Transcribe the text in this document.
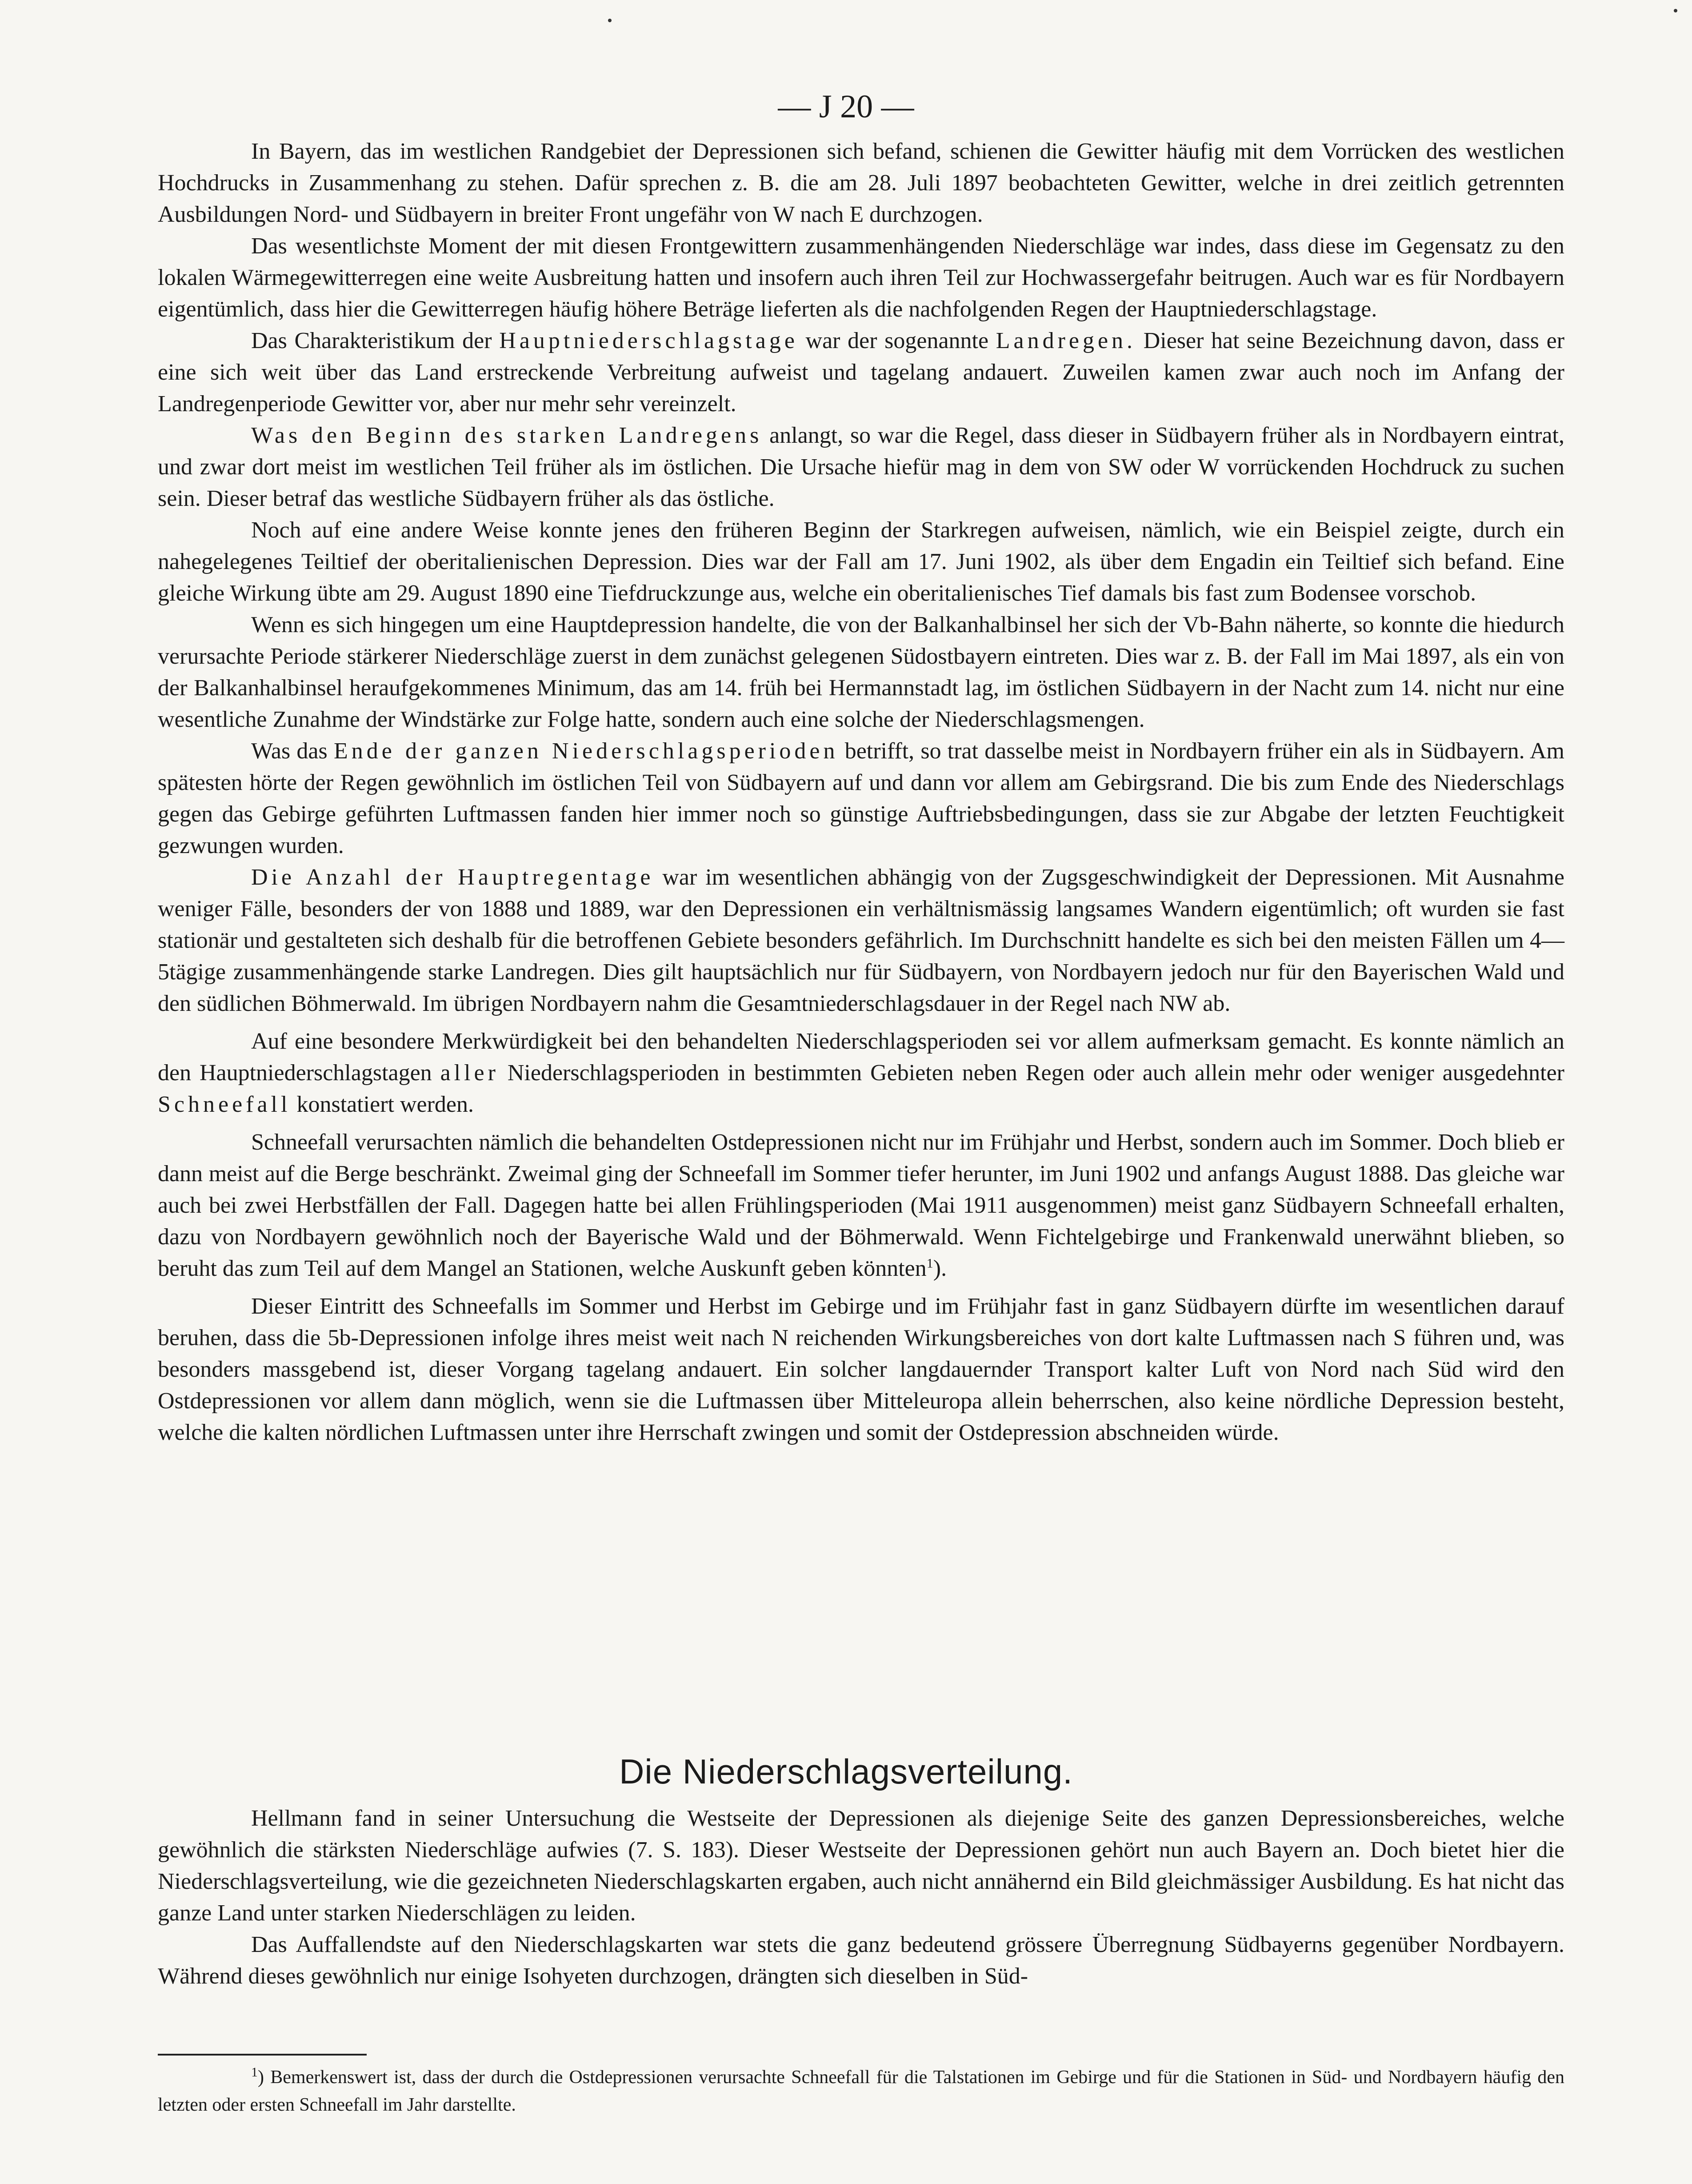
— J 20 —

In Bayern, das im westlichen Randgebiet der Depressionen sich befand, schienen die Gewitter häufig mit dem Vorrücken des westlichen Hochdrucks in Zusammenhang zu stehen. Dafür sprechen z. B. die am 28. Juli 1897 beobachteten Gewitter, welche in drei zeitlich getrennten Ausbildungen Nord- und Südbayern in breiter Front ungefähr von W nach E durchzogen.

Das wesentlichste Moment der mit diesen Frontgewittern zusammenhängenden Niederschläge war indes, dass diese im Gegensatz zu den lokalen Wärmegewitterregen eine weite Ausbreitung hatten und insofern auch ihren Teil zur Hochwassergefahr beitrugen. Auch war es für Nordbayern eigentümlich, dass hier die Gewitterregen häufig höhere Beträge lieferten als die nachfolgenden Regen der Hauptniederschlagstage.

Das Charakteristikum der Hauptniederschlagstage war der sogenannte Landregen. Dieser hat seine Bezeichnung davon, dass er eine sich weit über das Land erstreckende Verbreitung aufweist und tagelang andauert. Zuweilen kamen zwar auch noch im Anfang der Landregenperiode Gewitter vor, aber nur mehr sehr vereinzelt.

Was den Beginn des starken Landregens anlangt, so war die Regel, dass dieser in Südbayern früher als in Nordbayern eintrat, und zwar dort meist im westlichen Teil früher als im östlichen. Die Ursache hiefür mag in dem von SW oder W vorrückenden Hochdruck zu suchen sein. Dieser betraf das westliche Südbayern früher als das östliche.

Noch auf eine andere Weise konnte jenes den früheren Beginn der Starkregen aufweisen, nämlich, wie ein Beispiel zeigte, durch ein nahegelegenes Teiltief der oberitalienischen Depression. Dies war der Fall am 17. Juni 1902, als über dem Engadin ein Teiltief sich befand. Eine gleiche Wirkung übte am 29. August 1890 eine Tiefdruckzunge aus, welche ein oberitalienisches Tief damals bis fast zum Bodensee vorschob.

Wenn es sich hingegen um eine Hauptdepression handelte, die von der Balkanhalbinsel her sich der Vb-Bahn näherte, so konnte die hiedurch verursachte Periode stärkerer Niederschläge zuerst in dem zunächst gelegenen Südostbayern eintreten. Dies war z. B. der Fall im Mai 1897, als ein von der Balkanhalbinsel heraufgekommenes Minimum, das am 14. früh bei Hermannstadt lag, im östlichen Südbayern in der Nacht zum 14. nicht nur eine wesentliche Zunahme der Windstärke zur Folge hatte, sondern auch eine solche der Niederschlagsmengen.

Was das Ende der ganzen Niederschlagsperioden betrifft, so trat dasselbe meist in Nordbayern früher ein als in Südbayern. Am spätesten hörte der Regen gewöhnlich im östlichen Teil von Südbayern auf und dann vor allem am Gebirgsrand. Die bis zum Ende des Niederschlags gegen das Gebirge geführten Luftmassen fanden hier immer noch so günstige Auftriebsbedingungen, dass sie zur Abgabe der letzten Feuchtigkeit gezwungen wurden.

Die Anzahl der Hauptregentage war im wesentlichen abhängig von der Zugsgeschwindigkeit der Depressionen. Mit Ausnahme weniger Fälle, besonders der von 1888 und 1889, war den Depressionen ein verhältnismässig langsames Wandern eigentümlich; oft wurden sie fast stationär und gestalteten sich deshalb für die betroffenen Gebiete besonders gefährlich. Im Durchschnitt handelte es sich bei den meisten Fällen um 4—5tägige zusammenhängende starke Landregen. Dies gilt hauptsächlich nur für Südbayern, von Nordbayern jedoch nur für den Bayerischen Wald und den südlichen Böhmerwald. Im übrigen Nordbayern nahm die Gesamtniederschlagsdauer in der Regel nach NW ab.

Auf eine besondere Merkwürdigkeit bei den behandelten Niederschlagsperioden sei vor allem aufmerksam gemacht. Es konnte nämlich an den Hauptniederschlagstagen aller Niederschlagsperioden in bestimmten Gebieten neben Regen oder auch allein mehr oder weniger ausgedehnter Schneefall konstatiert werden.

Schneefall verursachten nämlich die behandelten Ostdepressionen nicht nur im Frühjahr und Herbst, sondern auch im Sommer. Doch blieb er dann meist auf die Berge beschränkt. Zweimal ging der Schneefall im Sommer tiefer herunter, im Juni 1902 und anfangs August 1888. Das gleiche war auch bei zwei Herbstfällen der Fall. Dagegen hatte bei allen Frühlingsperioden (Mai 1911 ausgenommen) meist ganz Südbayern Schneefall erhalten, dazu von Nordbayern gewöhnlich noch der Bayerische Wald und der Böhmerwald. Wenn Fichtelgebirge und Frankenwald unerwähnt blieben, so beruht das zum Teil auf dem Mangel an Stationen, welche Auskunft geben könnten$^1$).

Dieser Eintritt des Schneefalls im Sommer und Herbst im Gebirge und im Frühjahr fast in ganz Südbayern dürfte im wesentlichen darauf beruhen, dass die 5b-Depressionen infolge ihres meist weit nach N reichenden Wirkungsbereiches von dort kalte Luftmassen nach S führen und, was besonders massgebend ist, dieser Vorgang tagelang andauert. Ein solcher langdauernder Transport kalter Luft von Nord nach Süd wird den Ostdepressionen vor allem dann möglich, wenn sie die Luftmassen über Mitteleuropa allein beherrschen, also keine nördliche Depression besteht, welche die kalten nördlichen Luftmassen unter ihre Herrschaft zwingen und somit der Ostdepression abschneiden würde.

Die Niederschlagsverteilung.

Hellmann fand in seiner Untersuchung die Westseite der Depressionen als diejenige Seite des ganzen Depressionsbereiches, welche gewöhnlich die stärksten Niederschläge aufwies (7. S. 183). Dieser Westseite der Depressionen gehört nun auch Bayern an. Doch bietet hier die Niederschlagsverteilung, wie die gezeichneten Niederschlagskarten ergaben, auch nicht annähernd ein Bild gleichmässiger Ausbildung. Es hat nicht das ganze Land unter starken Niederschlägen zu leiden.

Das Auffallendste auf den Niederschlagskarten war stets die ganz bedeutend grössere Überregnung Südbayerns gegenüber Nordbayern. Während dieses gewöhnlich nur einige Isohyeten durchzogen, drängten sich dieselben in Süd-

$^1$) Bemerkenswert ist, dass der durch die Ostdepressionen verursachte Schneefall für die Talstationen im Gebirge und für die Stationen in Süd- und Nordbayern häufig den letzten oder ersten Schneefall im Jahr darstellte.
